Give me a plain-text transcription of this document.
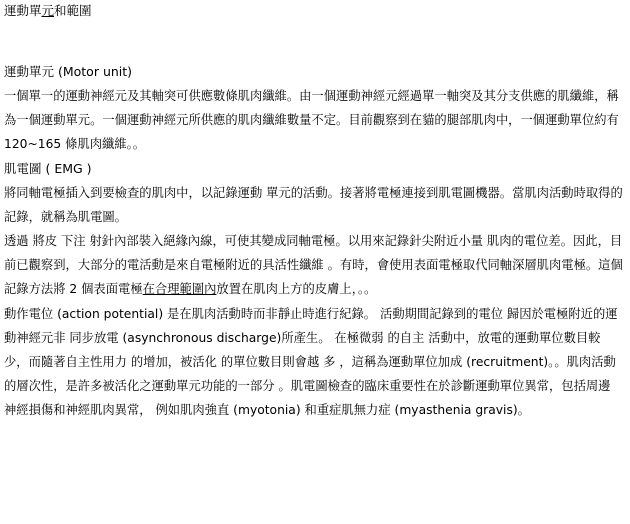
運動單元和範圍
運動單元 (Motor unit)
一個單一的運動神經元及其軸突可供應數條肌肉纖維。由一個運動神經元經過單一軸突及其分支供應的肌纖維，稱為一個運動單元。一個運動神經元所供應的肌肉纖維數量不定。目前觀察到在貓的腿部肌肉中，一個運動單位約有 120~165 條肌肉纖維。。
肌電圖 ( EMG )
將同軸電極插入到要檢查的肌肉中，以記錄運動 單元的活動。接著將電極連接到肌電圖機器。當肌肉活動時取得的記錄，就稱為肌電圖。
透過 將皮 下注 射針內部裝入絕緣內線，可使其變成同軸電極。以用來記錄針尖附近小量 肌肉的電位差。因此，目前已觀察到，大部分的電活動是來自電極附近的具活性纖維 。有時，會使用表面電極取代同軸深層肌肉電極。這個記錄方法將 2 個表面電極在合理範圍內放置在肌肉上方的皮膚上，。。
動作電位 (action potential) 是在肌肉活動時而非靜止時進行紀錄。 活動期間記錄到的電位 歸因於電極附近的運動神經元非 同步放電 (asynchronous discharge)所產生。 在極微弱 的自主 活動中，放電的運動單位數目較少，而隨著自主性用力 的增加，被活化 的單位數目則會越 多 ，這稱為運動單位加成 (recruitment)。。肌肉活動的層次性，是許多被活化之運動單元功能的一部分 。肌電圖檢查的臨床重要性在於診斷運動單位異常，包括周邊 神經損傷和神經肌肉異常， 例如肌肉強直 (myotonia) 和重症肌無力症 (myasthenia gravis)。
